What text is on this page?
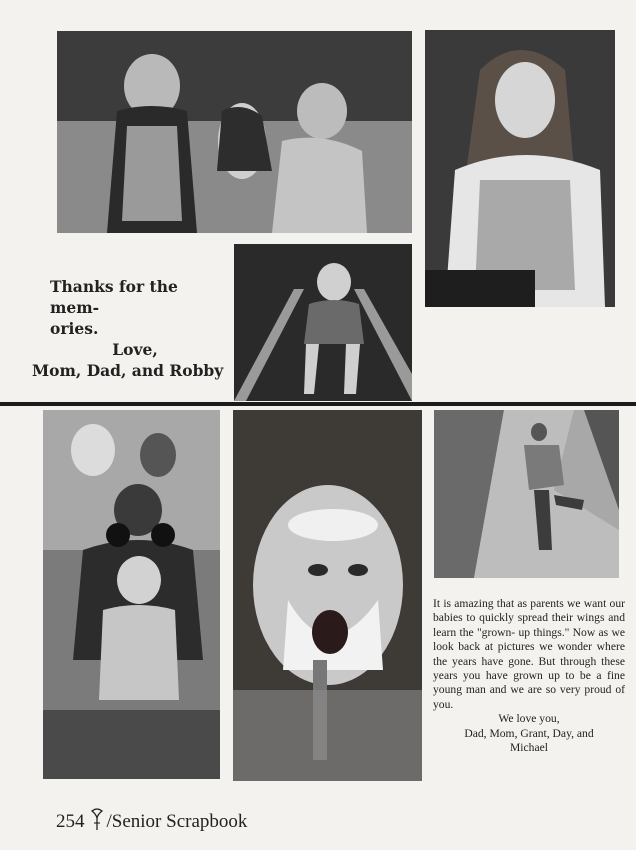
Thanks for the mem-
ories.
Love,
Mom, Dad, and Robby
It is amazing that as parents we want our babies to quickly spread their wings and learn the "grown- up things." Now as we look back at pictures we wonder where the years have gone. But through these years you have grown up to be a fine young man and we are so very proud of you.
We love you,
Dad, Mom, Grant, Day, and
Michael
254 /Senior Scrapbook
